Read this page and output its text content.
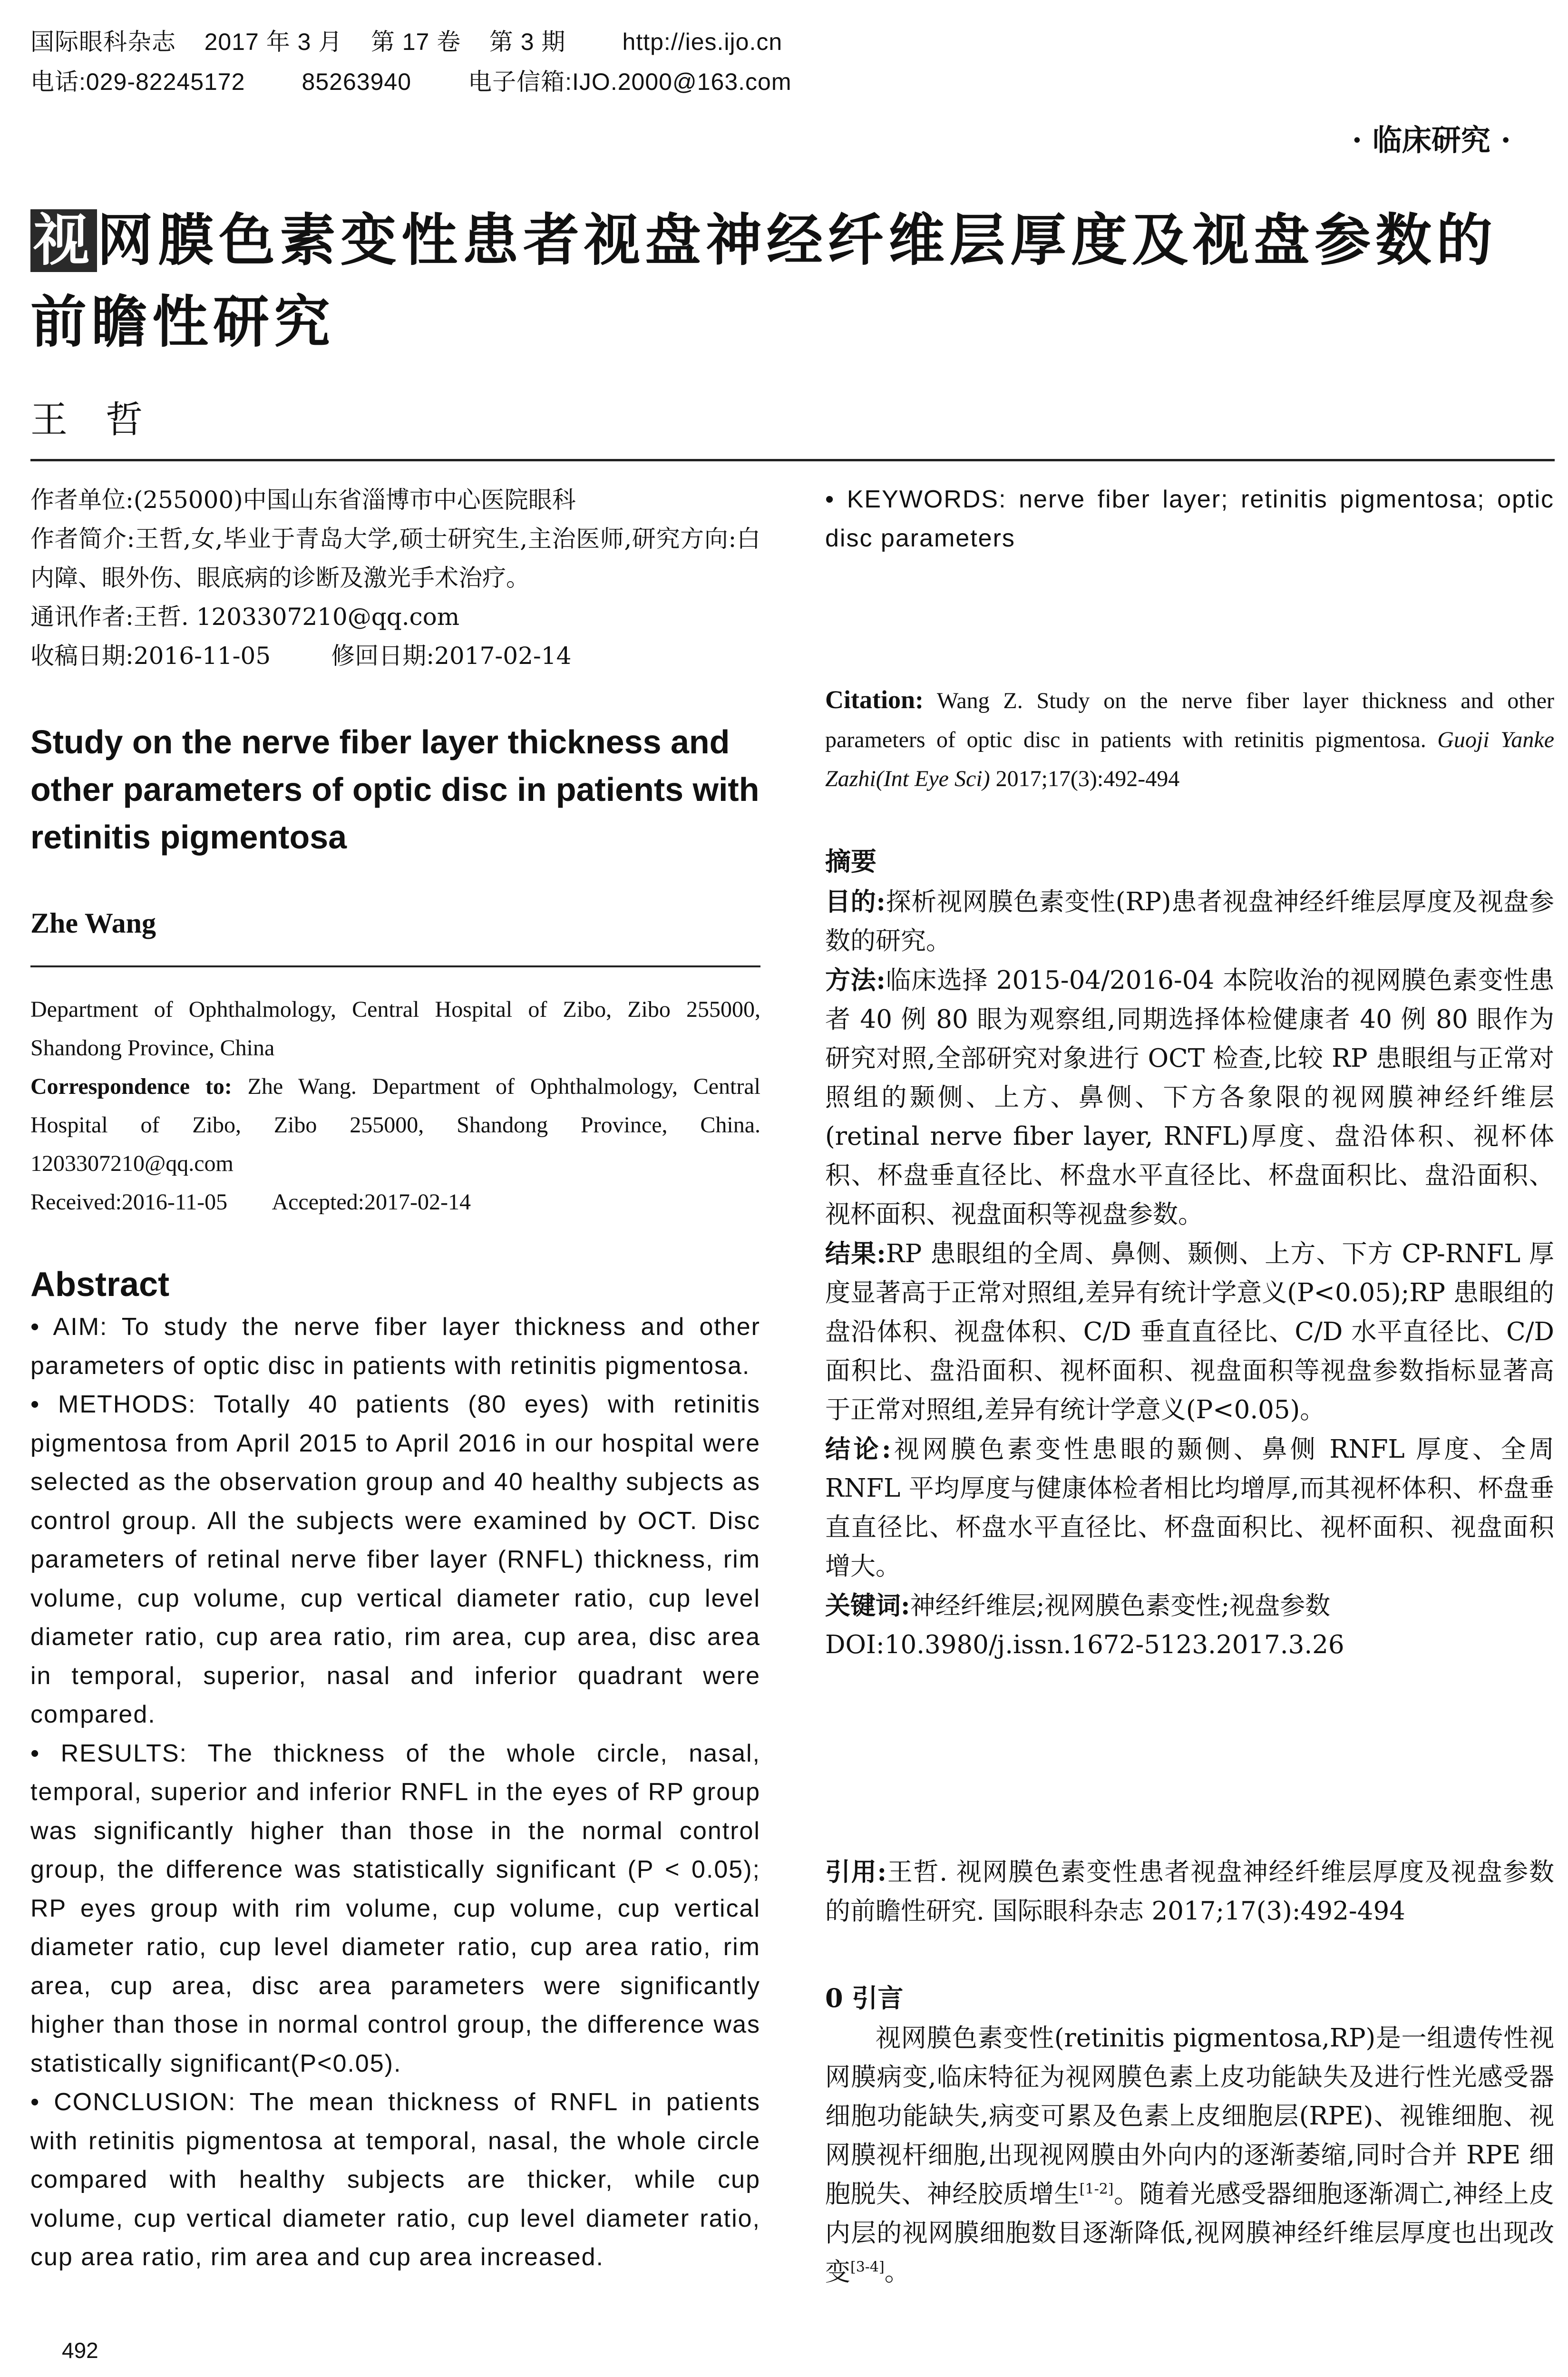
国际眼科杂志    2017 年 3 月    第 17 卷    第 3 期        http://ies.ijo.cn
电话:029-82245172        85263940        电子信箱:IJO.2000@163.com
· 临床研究 ·
视网膜色素变性患者视盘神经纤维层厚度及视盘参数的前瞻性研究
王哲

作者单位:(255000)中国山东省淄博市中心医院眼科

作者简介:王哲,女,毕业于青岛大学,硕士研究生,主治医师,研究方向:白内障、眼外伤、眼底病的诊断及激光手术治疗。

通讯作者:王哲. 1203307210@qq.com

收稿日期:2016-11-05        修回日期:2017-02-14

Study on the nerve fiber layer thickness and other parameters of optic disc in patients with retinitis pigmentosa
Zhe Wang

Department of Ophthalmology, Central Hospital of Zibo, Zibo 255000, Shandong Province, China

Correspondence to: Zhe Wang. Department of Ophthalmology, Central Hospital of Zibo, Zibo 255000, Shandong Province, China. 1203307210@qq.com

Received:2016-11-05        Accepted:2017-02-14

Abstract

• AIM: To study the nerve fiber layer thickness and other parameters of optic disc in patients with retinitis pigmentosa.

• METHODS: Totally 40 patients (80 eyes) with retinitis pigmentosa from April 2015 to April 2016 in our hospital were selected as the observation group and 40 healthy subjects as control group. All the subjects were examined by OCT. Disc parameters of retinal nerve fiber layer (RNFL) thickness, rim volume, cup volume, cup vertical diameter ratio, cup level diameter ratio, cup area ratio, rim area, cup area, disc area in temporal, superior, nasal and inferior quadrant were compared.

• RESULTS: The thickness of the whole circle, nasal, temporal, superior and inferior RNFL in the eyes of RP group was significantly higher than those in the normal control group, the difference was statistically significant (P < 0.05); RP eyes group with rim volume, cup volume, cup vertical diameter ratio, cup level diameter ratio, cup area ratio, rim area, cup area, disc area parameters were significantly higher than those in normal control group, the difference was statistically significant(P<0.05).

• CONCLUSION: The mean thickness of RNFL in patients with retinitis pigmentosa at temporal, nasal, the whole circle compared with healthy subjects are thicker, while cup volume, cup vertical diameter ratio, cup level diameter ratio, cup area ratio, rim area and cup area increased.

• KEYWORDS: nerve fiber layer; retinitis pigmentosa; optic disc parameters

Citation: Wang Z. Study on the nerve fiber layer thickness and other parameters of optic disc in patients with retinitis pigmentosa. Guoji Yanke Zazhi(Int Eye Sci) 2017;17(3):492-494
摘要

目的:探析视网膜色素变性(RP)患者视盘神经纤维层厚度及视盘参数的研究。

方法:临床选择 2015-04/2016-04 本院收治的视网膜色素变性患者 40 例 80 眼为观察组,同期选择体检健康者 40 例 80 眼作为研究对照,全部研究对象进行 OCT 检查,比较 RP 患眼组与正常对照组的颞侧、上方、鼻侧、下方各象限的视网膜神经纤维层(retinal nerve fiber layer, RNFL)厚度、盘沿体积、视杯体积、杯盘垂直径比、杯盘水平直径比、杯盘面积比、盘沿面积、视杯面积、视盘面积等视盘参数。

结果:RP 患眼组的全周、鼻侧、颞侧、上方、下方 CP-RNFL 厚度显著高于正常对照组,差异有统计学意义(P<0.05);RP 患眼组的盘沿体积、视盘体积、C/D 垂直直径比、C/D 水平直径比、C/D 面积比、盘沿面积、视杯面积、视盘面积等视盘参数指标显著高于正常对照组,差异有统计学意义(P<0.05)。

结论:视网膜色素变性患眼的颞侧、鼻侧 RNFL 厚度、全周 RNFL 平均厚度与健康体检者相比均增厚,而其视杯体积、杯盘垂直直径比、杯盘水平直径比、杯盘面积比、视杯面积、视盘面积增大。

关键词:神经纤维层;视网膜色素变性;视盘参数

DOI:10.3980/j.issn.1672-5123.2017.3.26

引用:王哲. 视网膜色素变性患者视盘神经纤维层厚度及视盘参数的前瞻性研究. 国际眼科杂志 2017;17(3):492-494
0 引言
视网膜色素变性(retinitis pigmentosa,RP)是一组遗传性视网膜病变,临床特征为视网膜色素上皮功能缺失及进行性光感受器细胞功能缺失,病变可累及色素上皮细胞层(RPE)、视锥细胞、视网膜视杆细胞,出现视网膜由外向内的逐渐萎缩,同时合并 RPE 细胞脱失、神经胶质增生[1-2]。随着光感受器细胞逐渐凋亡,神经上皮内层的视网膜细胞数目逐渐降低,视网膜神经纤维层厚度也出现改变[3-4]。
492
